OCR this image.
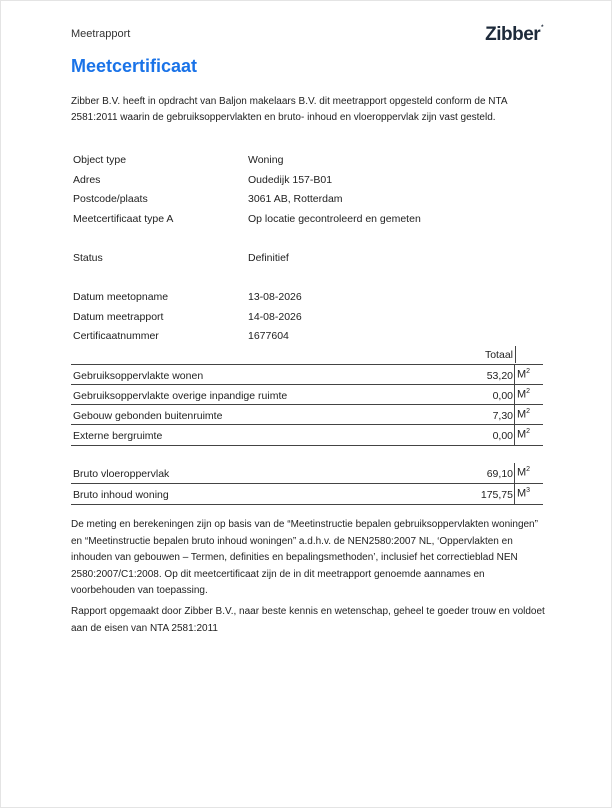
Meetrapport	Zibber*
Meetcertificaat
Zibber B.V. heeft in opdracht van Baljon makelaars B.V. dit meetrapport opgesteld conform de NTA 2581:2011 waarin de gebruiksoppervlakten en bruto- inhoud en vloeroppervlak zijn vast gesteld.
Object type	Woning
Adres	Oudedijk 157-B01
Postcode/plaats	3061 AB, Rotterdam
Meetcertificaat type A	Op locatie gecontroleerd en gemeten
Status	Definitief
Datum meetopname	13-08-2026
Datum meetrapport	14-08-2026
Certificaatnummer	1677604
Totaal
Gebruiksoppervlakte wonen	53,20 $M^2$
Gebruiksoppervlakte overige inpandige ruimte	0,00 $M^2$
Gebouw gebonden buitenruimte	7,30 $M^2$
Externe bergruimte	0,00 $M^2$
Bruto vloeroppervlak	69,10 $M^2$
Bruto inhoud woning	175,75 $M^3$
De meting en berekeningen zijn op basis van de “Meetinstructie bepalen gebruiksoppervlakten woningen” en “Meetinstructie bepalen bruto inhoud woningen” a.d.h.v. de NEN2580:2007 NL, ‘Oppervlakten en inhouden van gebouwen – Termen, definities en bepalingsmethoden’, inclusief het correctieblad NEN 2580:2007/C1:2008. Op dit meetcertificaat zijn de in dit meetrapport genoemde aannames en voorbehouden van toepassing.
Rapport opgemaakt door Zibber B.V., naar beste kennis en wetenschap, geheel te goeder trouw en voldoet aan de eisen van NTA 2581:2011
